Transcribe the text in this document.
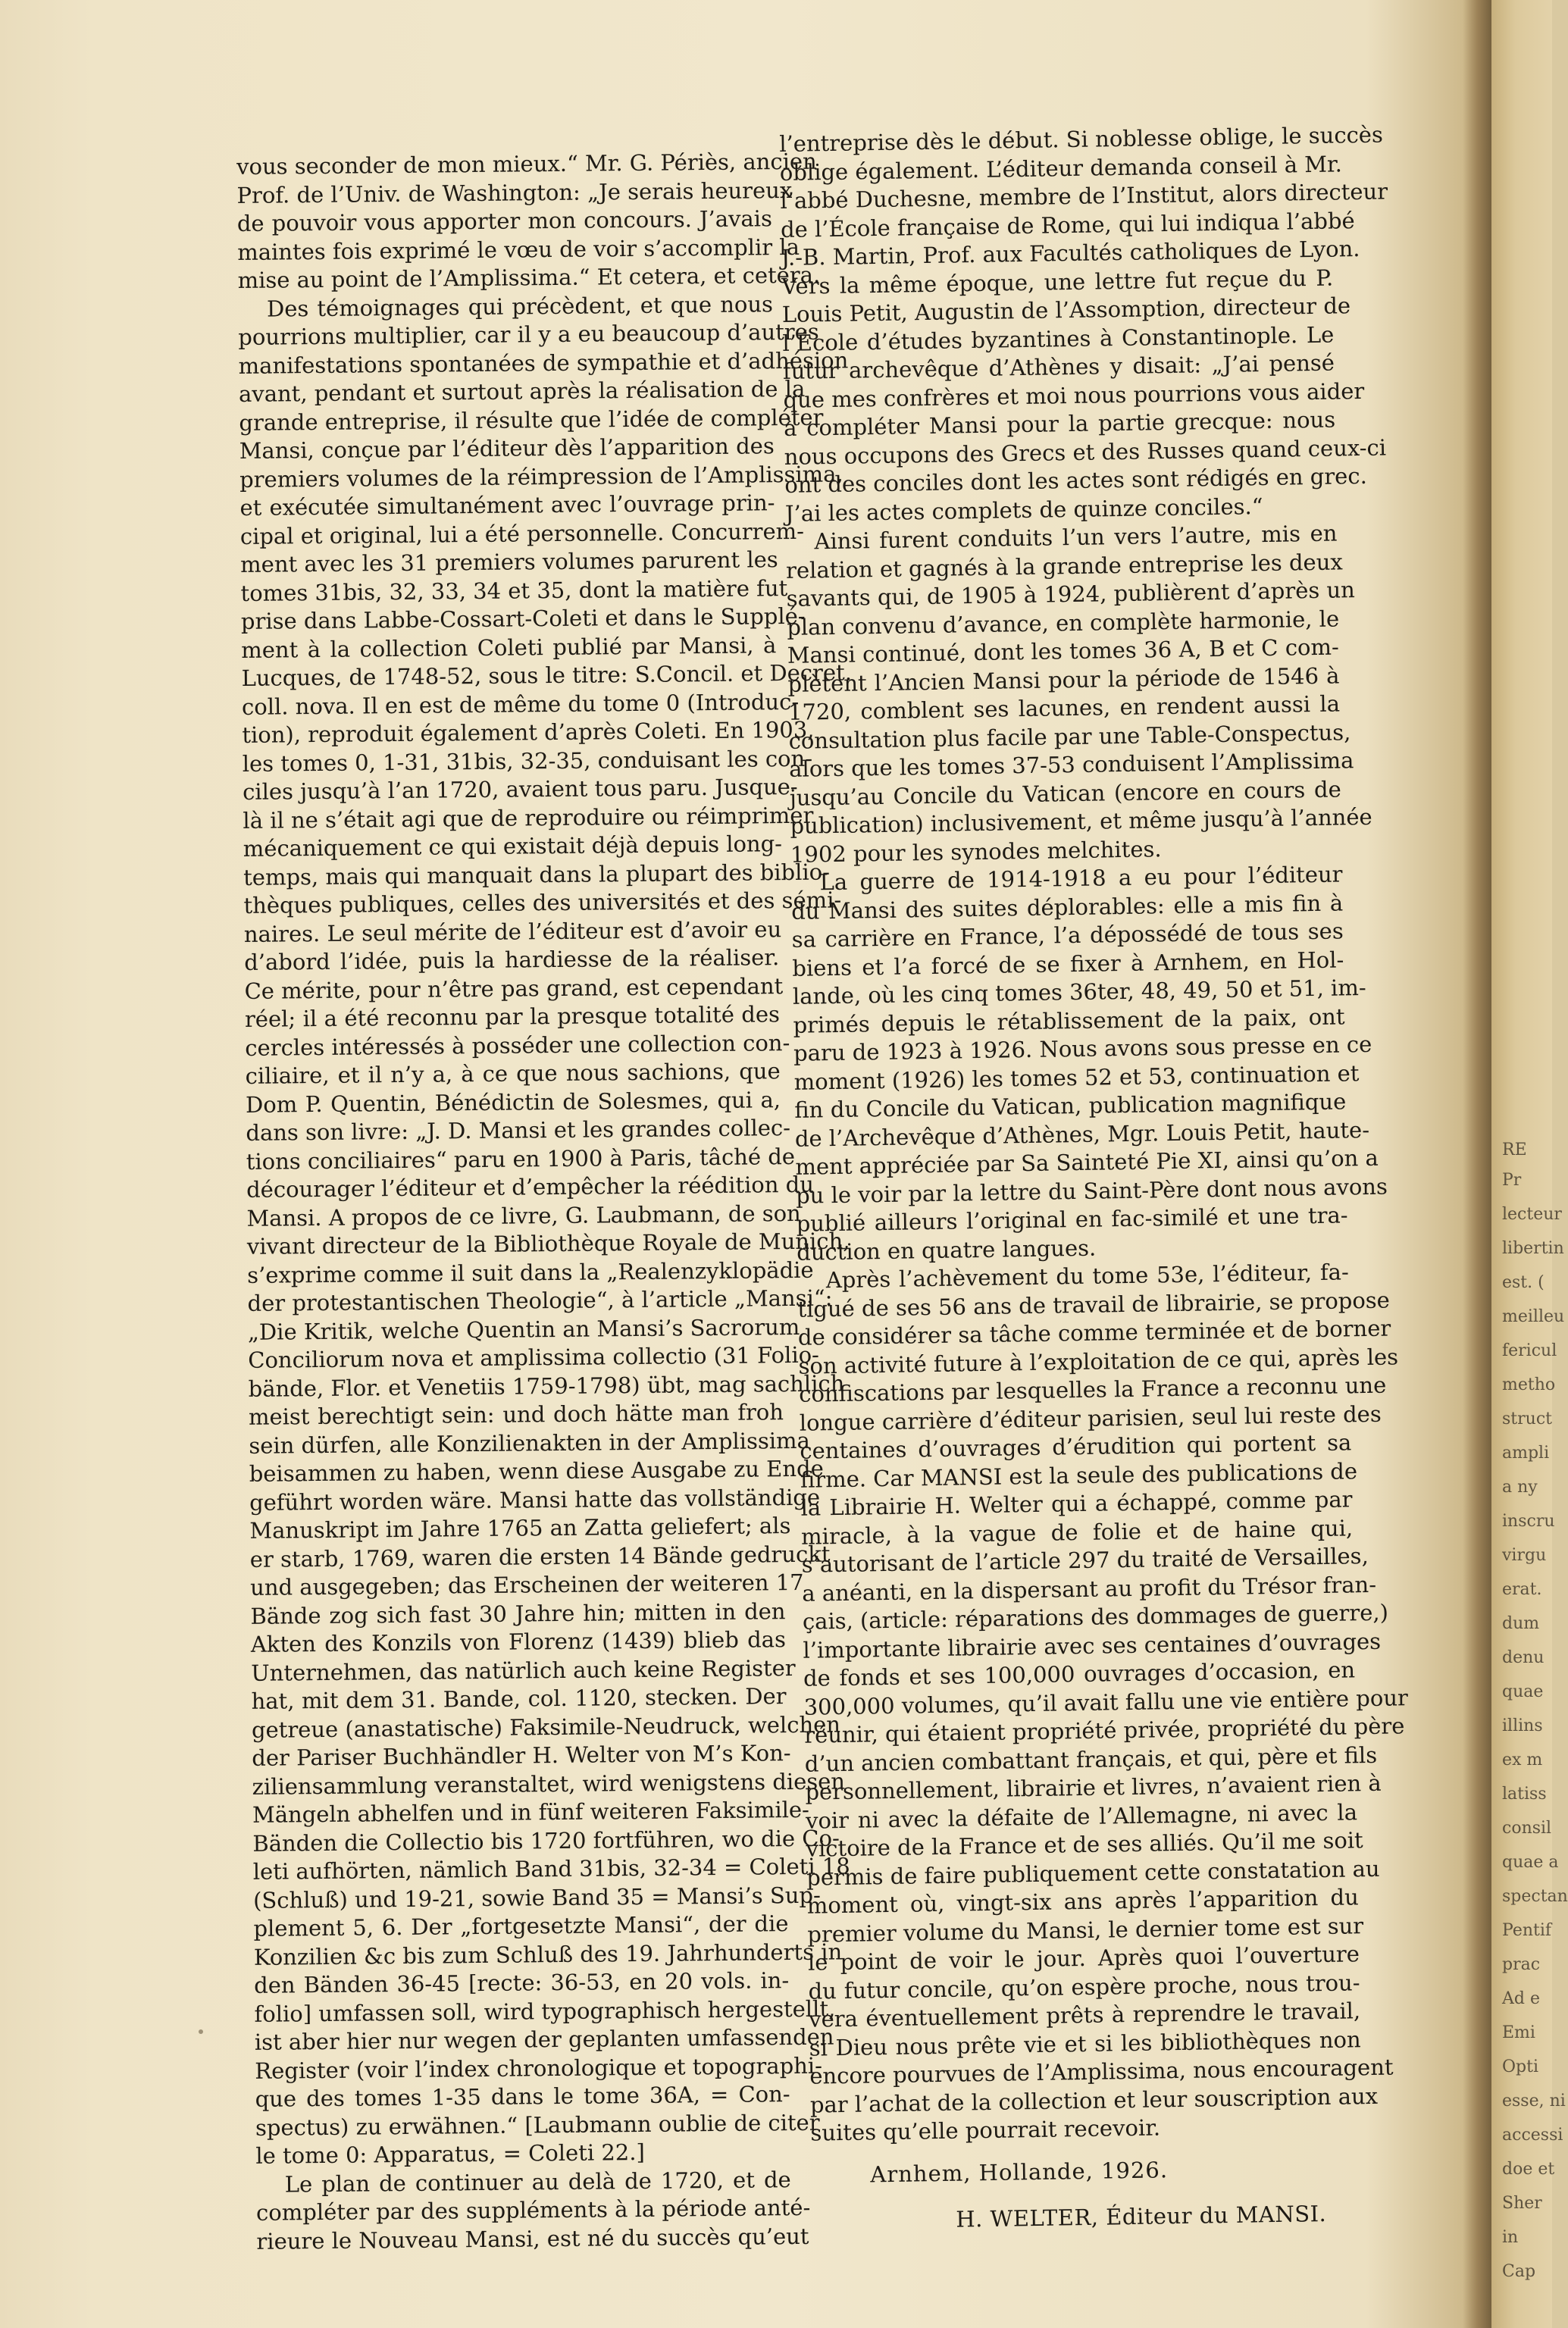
vous seconder de mon mieux.“ Mr. G. Périès, ancien
Prof. de l’Univ. de Washington: „Je serais heureux
de pouvoir vous apporter mon concours. J’avais
maintes fois exprimé le vœu de voir s’accomplir la
mise au point de l’Amplissima.“ Et cetera, et cetera.
Des témoignages qui précèdent, et que nous
pourrions multiplier, car il y a eu beaucoup d’autres
manifestations spontanées de sympathie et d’adhésion
avant, pendant et surtout après la réalisation de la
grande entreprise, il résulte que l’idée de compléter
Mansi, conçue par l’éditeur dès l’apparition des
premiers volumes de la réimpression de l’Amplissima,
et exécutée simultanément avec l’ouvrage prin-
cipal et original, lui a été personnelle. Concurrem-
ment avec les 31 premiers volumes parurent les
tomes 31bis, 32, 33, 34 et 35, dont la matière fut
prise dans Labbe-Cossart-Coleti et dans le Supplé-
ment à la collection Coleti publié par Mansi, à
Lucques, de 1748-52, sous le titre: S.Concil. et Decret.
coll. nova. Il en est de même du tome 0 (Introduc-
tion), reproduit également d’après Coleti. En 1903,
les tomes 0, 1-31, 31bis, 32-35, conduisant les con-
ciles jusqu’à l’an 1720, avaient tous paru. Jusque-
là il ne s’était agi que de reproduire ou réimprimer
mécaniquement ce qui existait déjà depuis long-
temps, mais qui manquait dans la plupart des biblio-
thèques publiques, celles des universités et des sémi-
naires. Le seul mérite de l’éditeur est d’avoir eu
d’abord l’idée, puis la hardiesse de la réaliser.
Ce mérite, pour n’être pas grand, est cependant
réel; il a été reconnu par la presque totalité des
cercles intéressés à posséder une collection con-
ciliaire, et il n’y a, à ce que nous sachions, que
Dom P. Quentin, Bénédictin de Solesmes, qui a,
dans son livre: „J. D. Mansi et les grandes collec-
tions conciliaires“ paru en 1900 à Paris, tâché de
décourager l’éditeur et d’empêcher la réédition du
Mansi. A propos de ce livre, G. Laubmann, de son
vivant directeur de la Bibliothèque Royale de Munich,
s’exprime comme il suit dans la „Realenzyklopädie
der protestantischen Theologie“, à l’article „Mansi“:
„Die Kritik, welche Quentin an Mansi’s Sacrorum
Conciliorum nova et amplissima collectio (31 Folio-
bände, Flor. et Venetiis 1759-1798) übt, mag sachlich
meist berechtigt sein: und doch hätte man froh
sein dürfen, alle Konzilienakten in der Amplissima
beisammen zu haben, wenn diese Ausgabe zu Ende
geführt worden wäre. Mansi hatte das vollständige
Manuskript im Jahre 1765 an Zatta geliefert; als
er starb, 1769, waren die ersten 14 Bände gedruckt
und ausgegeben; das Erscheinen der weiteren 17
Bände zog sich fast 30 Jahre hin; mitten in den
Akten des Konzils von Florenz (1439) blieb das
Unternehmen, das natürlich auch keine Register
hat, mit dem 31. Bande, col. 1120, stecken. Der
getreue (anastatische) Faksimile-Neudruck, welchen
der Pariser Buchhändler H. Welter von M’s Kon-
ziliensammlung veranstaltet, wird wenigstens diesen
Mängeln abhelfen und in fünf weiteren Faksimile-
Bänden die Collectio bis 1720 fortführen, wo die Co-
leti aufhörten, nämlich Band 31bis, 32-34 = Coleti 18
(Schluß) und 19-21, sowie Band 35 = Mansi’s Sup-
plement 5, 6. Der „fortgesetzte Mansi“, der die
Konzilien &c bis zum Schluß des 19. Jahrhunderts in
den Bänden 36-45 [recte: 36-53, en 20 vols. in-
folio] umfassen soll, wird typographisch hergestellt,
ist aber hier nur wegen der geplanten umfassenden
Register (voir l’index chronologique et topographi-
que des tomes 1-35 dans le tome 36A, = Con-
spectus) zu erwähnen.“ [Laubmann oublie de citer
le tome 0: Apparatus, = Coleti 22.]
Le plan de continuer au delà de 1720, et de
compléter par des suppléments à la période anté-
rieure le Nouveau Mansi, est né du succès qu’eut
l’entreprise dès le début. Si noblesse oblige, le succès
oblige également. L’éditeur demanda conseil à Mr.
l’abbé Duchesne, membre de l’Institut, alors directeur
de l’École française de Rome, qui lui indiqua l’abbé
J.-B. Martin, Prof. aux Facultés catholiques de Lyon.
Vers la même époque, une lettre fut reçue du P.
Louis Petit, Augustin de l’Assomption, directeur de
l’École d’études byzantines à Constantinople. Le
futur archevêque d’Athènes y disait: „J’ai pensé
que mes confrères et moi nous pourrions vous aider
à compléter Mansi pour la partie grecque: nous
nous occupons des Grecs et des Russes quand ceux-ci
ont des conciles dont les actes sont rédigés en grec.
J’ai les actes complets de quinze conciles.“
Ainsi furent conduits l’un vers l’autre, mis en
relation et gagnés à la grande entreprise les deux
savants qui, de 1905 à 1924, publièrent d’après un
plan convenu d’avance, en complète harmonie, le
Mansi continué, dont les tomes 36 A, B et C com-
plètent l’Ancien Mansi pour la période de 1546 à
1720, comblent ses lacunes, en rendent aussi la
consultation plus facile par une Table-Conspectus,
alors que les tomes 37-53 conduisent l’Amplissima
jusqu’au Concile du Vatican (encore en cours de
publication) inclusivement, et même jusqu’à l’année
1902 pour les synodes melchites.
La guerre de 1914-1918 a eu pour l’éditeur
du Mansi des suites déplorables: elle a mis fin à
sa carrière en France, l’a dépossédé de tous ses
biens et l’a forcé de se fixer à Arnhem, en Hol-
lande, où les cinq tomes 36ter, 48, 49, 50 et 51, im-
primés depuis le rétablissement de la paix, ont
paru de 1923 à 1926. Nous avons sous presse en ce
moment (1926) les tomes 52 et 53, continuation et
fin du Concile du Vatican, publication magnifique
de l’Archevêque d’Athènes, Mgr. Louis Petit, haute-
ment appréciée par Sa Sainteté Pie XI, ainsi qu’on a
pu le voir par la lettre du Saint-Père dont nous avons
publié ailleurs l’original en fac-similé et une tra-
duction en quatre langues.
Après l’achèvement du tome 53e, l’éditeur, fa-
tigué de ses 56 ans de travail de librairie, se propose
de considérer sa tâche comme terminée et de borner
son activité future à l’exploitation de ce qui, après les
confiscations par lesquelles la France a reconnu une
longue carrière d’éditeur parisien, seul lui reste des
centaines d’ouvrages d’érudition qui portent sa
firme. Car MANSI est la seule des publications de
la Librairie H. Welter qui a échappé, comme par
miracle, à la vague de folie et de haine qui,
s’autorisant de l’article 297 du traité de Versailles,
a anéanti, en la dispersant au profit du Trésor fran-
çais, (article: réparations des dommages de guerre,)
l’importante librairie avec ses centaines d’ouvrages
de fonds et ses 100,000 ouvrages d’occasion, en
300,000 volumes, qu’il avait fallu une vie entière pour
réunir, qui étaient propriété privée, propriété du père
d’un ancien combattant français, et qui, père et fils
personnellement, librairie et livres, n’avaient rien à
voir ni avec la défaite de l’Allemagne, ni avec la
victoire de la France et de ses alliés. Qu’il me soit
permis de faire publiquement cette constatation au
moment où, vingt-six ans après l’apparition du
premier volume du Mansi, le dernier tome est sur
le point de voir le jour. Après quoi l’ouverture
du futur concile, qu’on espère proche, nous trou-
vera éventuellement prêts à reprendre le travail,
si Dieu nous prête vie et si les bibliothèques non
encore pourvues de l’Amplissima, nous encouragent
par l’achat de la collection et leur souscription aux
suites qu’elle pourrait recevoir.
Arnhem, Hollande, 1926.
H. WELTER, Éditeur du MANSI.
RE
Pr
lecteur
libertin
est. (
meilleu
fericul
metho
struct
ampli
a ny
inscru
virgu
erat.
dum
denu
quae
illins
ex m
latiss
consil
quae a
spectan
Pentif
prac
Ad e
Emi
Opti
esse, ni
accessi
doe et
Sher
in
Cap
